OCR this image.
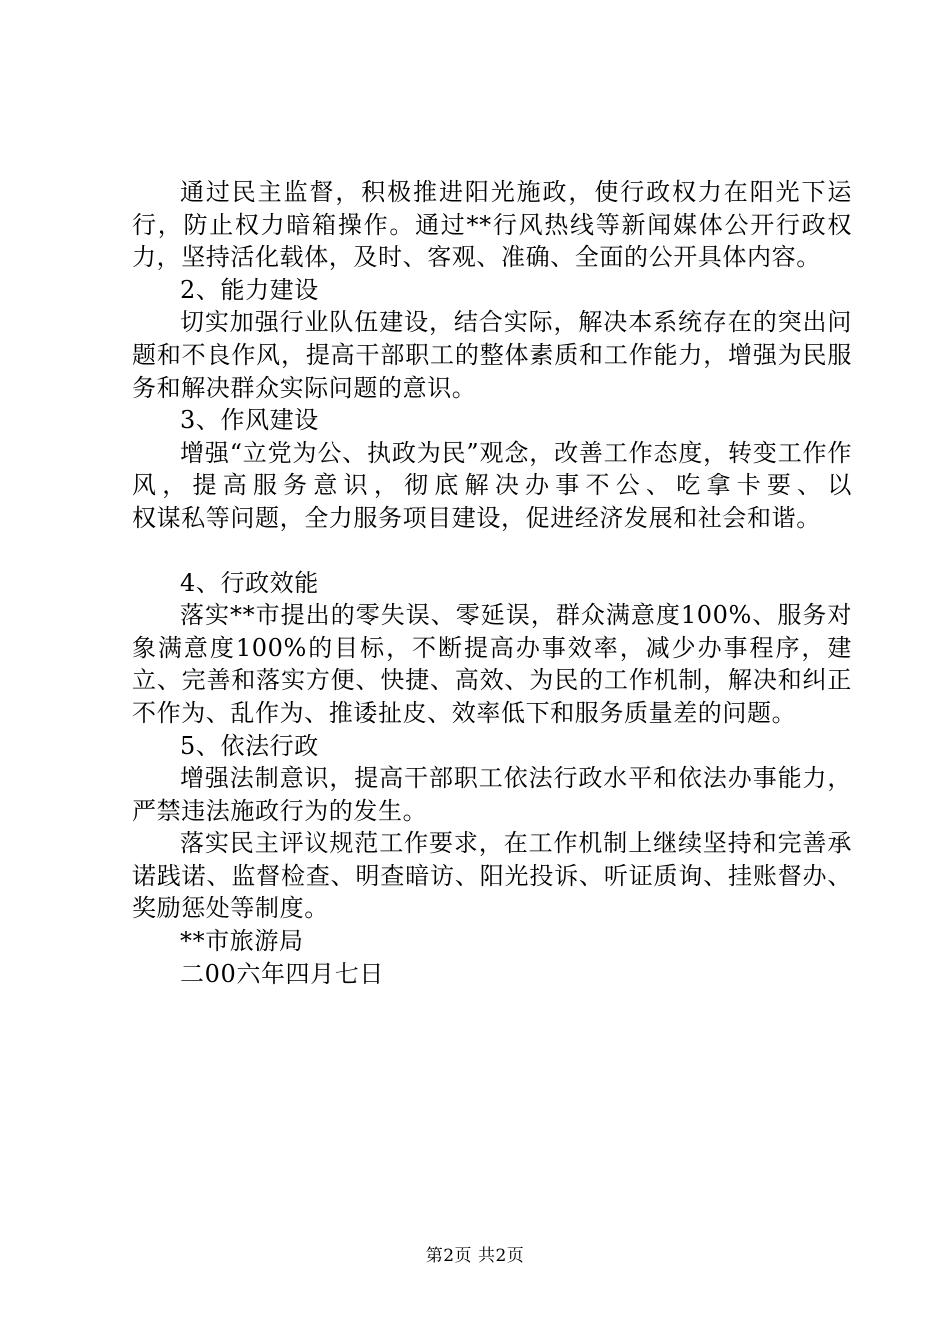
通过民主监督，积极推进阳光施政，使行政权力在阳光下运行，防止权力暗箱操作。通过**行风热线等新闻媒体公开行政权力，坚持活化载体，及时、客观、准确、全面的公开具体内容。

2、能力建设

切实加强行业队伍建设，结合实际，解决本系统存在的突出问题和不良作风，提高干部职工的整体素质和工作能力，增强为民服务和解决群众实际问题的意识。

3、作风建设

增强“立党为公、执政为民”观念，改善工作态度，转变工作作风，提高服务意识，彻底解决办事不公、吃拿卡要、以权谋私等问题，全力服务项目建设，促进经济发展和社会和谐。

4、行政效能

落实**市提出的零失误、零延误，群众满意度100%、服务对象满意度100%的目标，不断提高办事效率，减少办事程序，建立、完善和落实方便、快捷、高效、为民的工作机制，解决和纠正不作为、乱作为、推诿扯皮、效率低下和服务质量差的问题。

5、依法行政

增强法制意识，提高干部职工依法行政水平和依法办事能力，严禁违法施政行为的发生。

落实民主评议规范工作要求，在工作机制上继续坚持和完善承诺践诺、监督检查、明查暗访、阳光投诉、听证质询、挂账督办、奖励惩处等制度。

**市旅游局

二00六年四月七日

第2页 共2页
